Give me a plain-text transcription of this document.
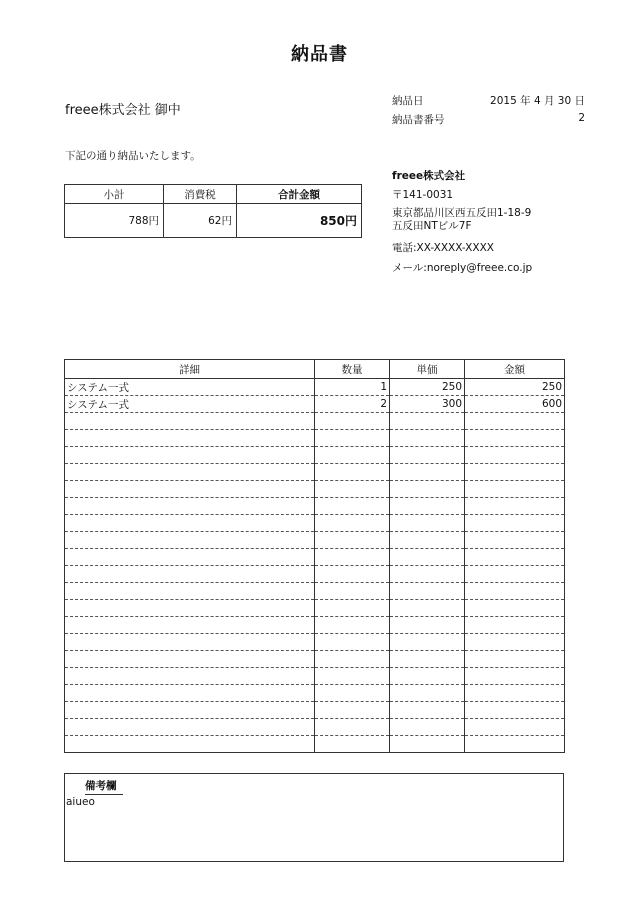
納品書
freee株式会社 御中
納品日	2015 年 4 月 30 日
納品書番号	2
下記の通り納品いたします。
小計	消費税	合計金額
788円	62円	850円
freee株式会社
〒141-0031
東京都品川区西五反田1-18-9
五反田NTビル7F
電話:XX-XXXX-XXXX
メール:noreply@freee.co.jp
詳細	数量	単価	金額
システム一式	1	250	250
システム一式	2	300	600

備考欄
aiueo
